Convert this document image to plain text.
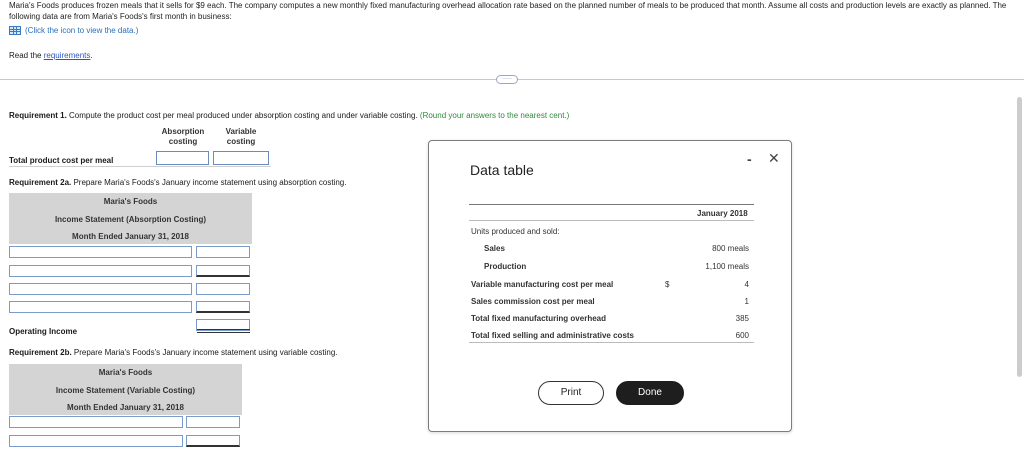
Maria's Foods produces frozen meals that it sells for $9 each. The company computes a new monthly fixed manufacturing overhead allocation rate based on the planned number of meals to be produced that month. Assume all costs and production levels are exactly as planned. The following data are from Maria's Foods's first month in business:
(Click the icon to view the data.)
Read the requirements.
·····
Requirement 1. Compute the product cost per meal produced under absorption costing and under variable costing. (Round your answers to the nearest cent.)
Absorption costing
Variable costing
Total product cost per meal
Requirement 2a. Prepare Maria's Foods's January income statement using absorption costing.
Maria's Foods
Income Statement (Absorption Costing)
Month Ended January 31, 2018
Operating Income
Requirement 2b. Prepare Maria's Foods's January income statement using variable costing.
Maria's Foods
Income Statement (Variable Costing)
Month Ended January 31, 2018
Data table
- ✕
January 2018
Units produced and sold:
Sales	800 meals
Production	1,100 meals
Variable manufacturing cost per meal	$	4
Sales commission cost per meal	1
Total fixed manufacturing overhead	385
Total fixed selling and administrative costs	600
Print	Done
